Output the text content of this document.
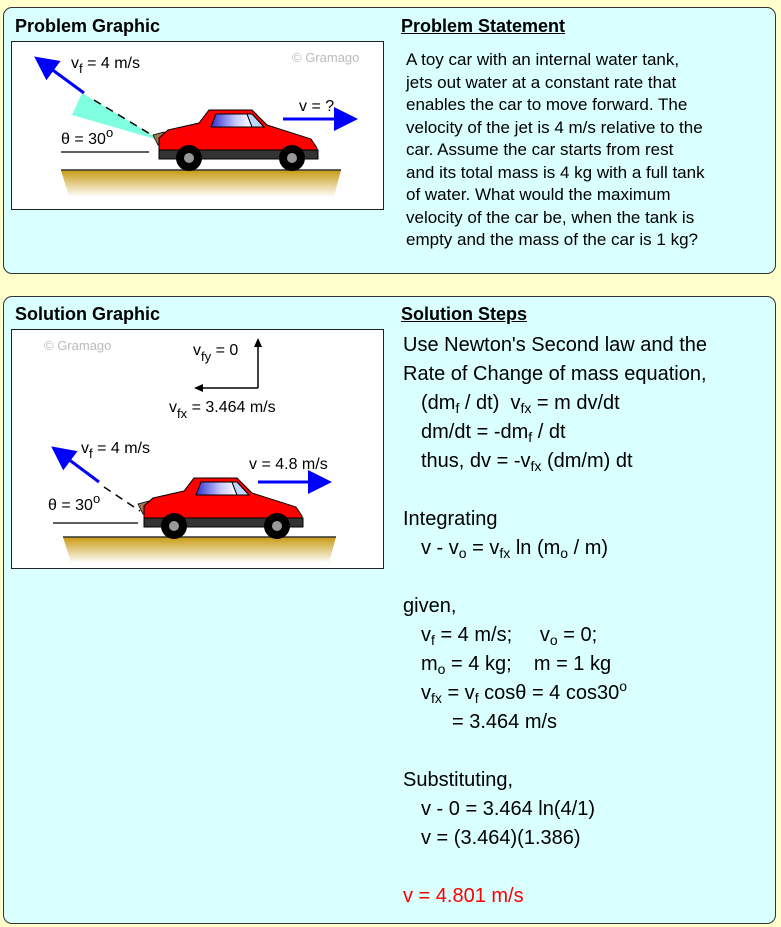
Problem Graphic	Problem Statement
© Gramago
$v_f = 4$ m/s
$\theta = 30^o$
v = ?
A toy car with an internal water tank,
jets out water at a constant rate that
enables the car to move forward. The
velocity of the jet is 4 m/s relative to the
car. Assume the car starts from rest
and its total mass is 4 kg with a full tank
of water. What would the maximum
velocity of the car be, when the tank is
empty and the mass of the car is 1 kg?
Solution Graphic	Solution Steps
© Gramago	$v_{fy} = 0$
$v_{fx} = 3.464$ m/s
$v_f = 4$ m/s
$\theta = 30^o$
v = 4.8 m/s
Use Newton's Second law and the
Rate of Change of mass equation,
$(dm_f / dt) v_{fx} = m$ dv/dt
$dm/dt = -dm_f$ / dt
thus, dv = $-v_{fx}$ (dm/m) dt
Integrating
$v - v_o = v_{fx}$ $\ln (m_o / m)$
given,
$v_f = 4$ m/s;     $v_o = 0$;
$m_o = 4$ kg;    m = 1 kg
$v_{fx} = v_f$ cosθ = 4 $\cos 30^o$
= 3.464 m/s
Substituting,
v - 0 = 3.464 ln(4/1)
v = (3.464)(1.386)
v = 4.801 m/s
